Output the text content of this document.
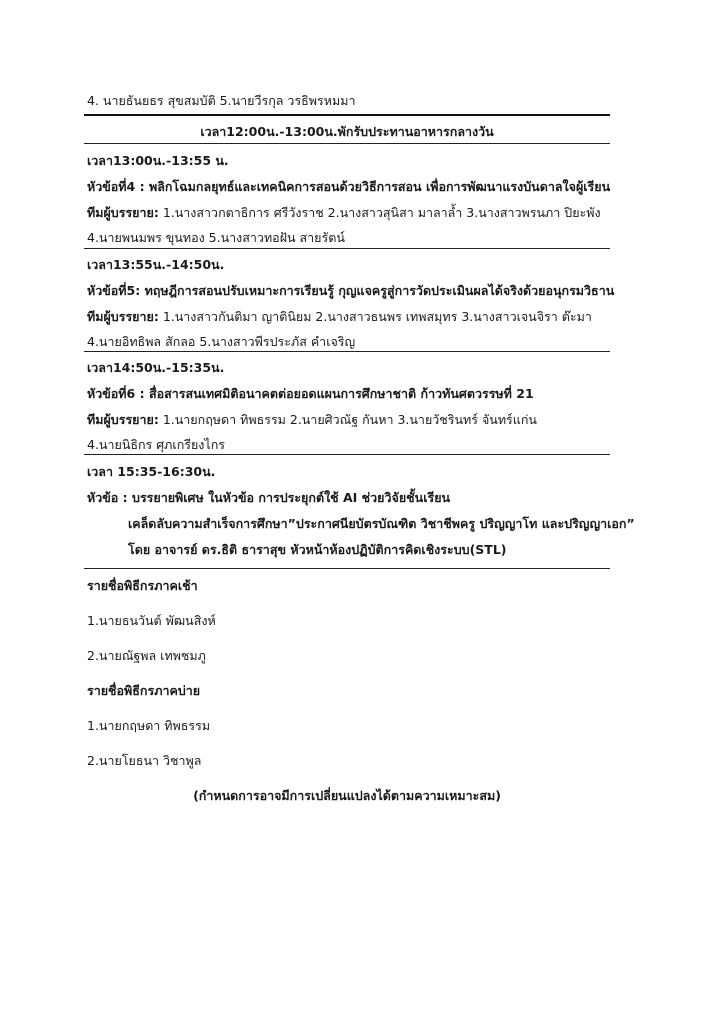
4. นายธันยธร สุขสมบัติ 5.นายวีรกุล วรธิพรหมมา
เวลา12:00น.-13:00น.พักรับประทานอาหารกลางวัน
เวลา13:00น.-13:55 น.
หัวข้อที่4 : พลิกโฉมกลยุทธ์และเทคนิคการสอนด้วยวิธีการสอน เพื่อการพัฒนาแรงบันดาลใจผู้เรียน
ทีมผู้บรรยาย: 1.นางสาวกตาธิการ ศรีวังราช 2.นางสาวสุนิสา มาลาล้ำ 3.นางสาวพรนภา ปิยะพัง
4.นายพนมพร ขุนทอง 5.นางสาวทอฝัน สายรัตน์
เวลา13:55น.-14:50น.
หัวข้อที่5: ทฤษฎีการสอนปรับเหมาะการเรียนรู้ กุญแจครูสู่การวัดประเมินผลได้จริงด้วยอนุกรมวิธาน
ทีมผู้บรรยาย: 1.นางสาวกันติมา ญาตินิยม 2.นางสาวธนพร เทพสมุทร 3.นางสาวเจนจิรา ต๊ะมา
4.นายอิทธิพล สักลอ 5.นางสาวพีรประภัส คำเจริญ
เวลา14:50น.-15:35น.
หัวข้อที่6 : สื่อสารสนเทศมิติอนาคตต่อยอดแผนการศึกษาชาติ ก้าวทันศตวรรษที่ 21
ทีมผู้บรรยาย: 1.นายกฤษดา ทิพธรรม 2.นายศิวณัฐ กันหา 3.นายวัชรินทร์ จันทร์แก่น
4.นายนิธิกร ศุภเกรียงไกร
เวลา 15:35-16:30น.
หัวข้อ : บรรยายพิเศษ ในหัวข้อ การประยุกต์ใช้ AI ช่วยวิจัยชั้นเรียน
เคล็ดลับความสำเร็จการศึกษา”ประกาศนียบัตรบัณฑิต วิชาชีพครู ปริญญาโท และปริญญาเอก”
โดย อาจารย์ ดร.ธิติ ธาราสุข หัวหน้าห้องปฏิบัติการคิดเชิงระบบ(STL)
รายชื่อพิธีกรภาคเช้า
1.นายธนวันต์ พัฒนสิงห์
2.นายณัฐพล เทพชมภู
รายชื่อพิธีกรภาคบ่าย
1.นายกฤษดา ทิพธรรม
2.นายโยธนา วิชาพูล
(กำหนดการอาจมีการเปลี่ยนแปลงได้ตามความเหมาะสม)
